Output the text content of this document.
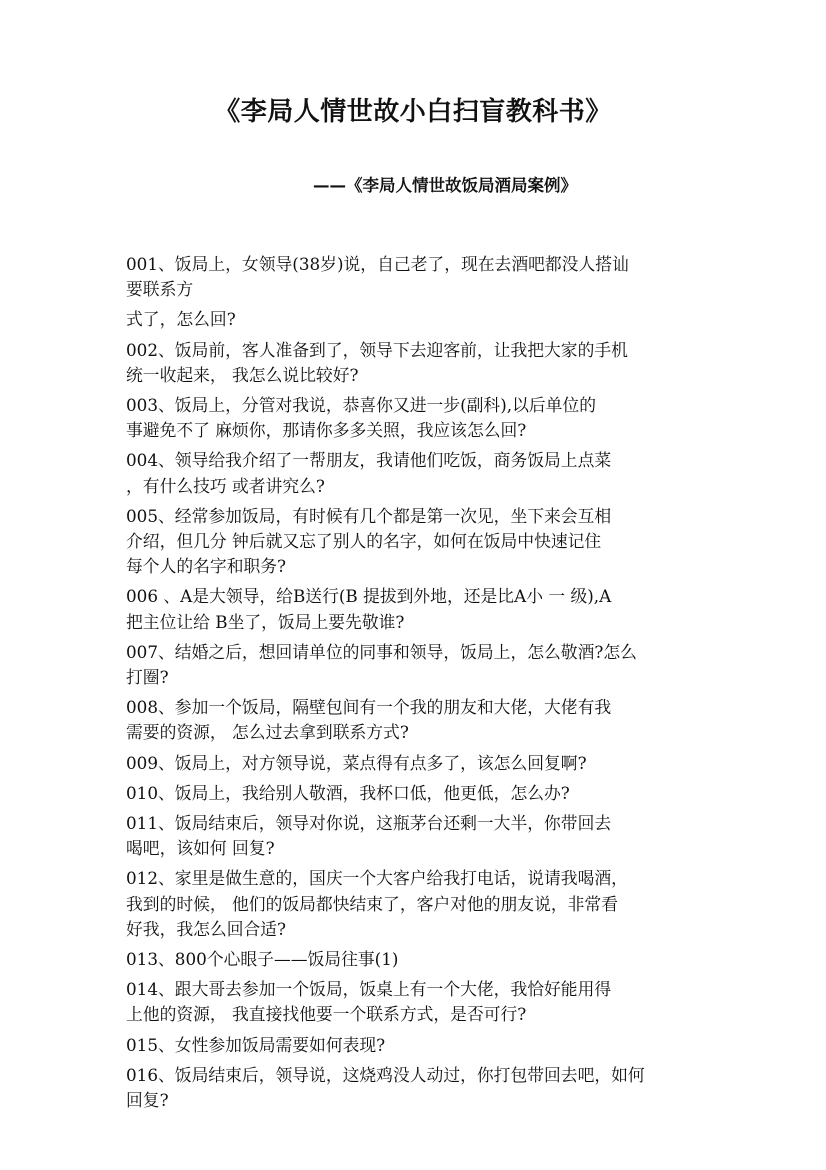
《李局人情世故小白扫盲教科书》
——《李局人情世故饭局酒局案例》
001、饭局上，女领导(38岁)说，自己老了，现在去酒吧都没人搭讪
要联系方
式了，怎么回?
002、饭局前，客人准备到了，领导下去迎客前，让我把大家的手机
统一收起来， 我怎么说比较好?
003、饭局上，分管对我说，恭喜你又进一步(副科),以后单位的
事避免不了 麻烦你，那请你多多关照，我应该怎么回?
004、领导给我介绍了一帮朋友，我请他们吃饭，商务饭局上点菜
，有什么技巧 或者讲究么?
005、经常参加饭局，有时候有几个都是第一次见，坐下来会互相
介绍，但几分 钟后就又忘了别人的名字，如何在饭局中快速记住
每个人的名字和职务?
006 、A是大领导，给B送行(B 提拔到外地，还是比A小 一 级),A
把主位让给 B坐了，饭局上要先敬谁?
007、结婚之后，想回请单位的同事和领导，饭局上，怎么敬酒?怎么
打圈?
008、参加一个饭局，隔壁包间有一个我的朋友和大佬，大佬有我
需要的资源， 怎么过去拿到联系方式?
009、饭局上，对方领导说，菜点得有点多了，该怎么回复啊?
010、饭局上，我给别人敬酒，我杯口低，他更低，怎么办?
011、饭局结束后，领导对你说，这瓶茅台还剩一大半，你带回去
喝吧，该如何 回复?
012、家里是做生意的，国庆一个大客户给我打电话，说请我喝酒，
我到的时候， 他们的饭局都快结束了，客户对他的朋友说，非常看
好我，我怎么回合适?
013、800个心眼子——饭局往事(1)
014、跟大哥去参加一个饭局，饭桌上有一个大佬，我恰好能用得
上他的资源， 我直接找他要一个联系方式，是否可行?
015、女性参加饭局需要如何表现?
016、饭局结束后，领导说，这烧鸡没人动过，你打包带回去吧，如何
回复?
